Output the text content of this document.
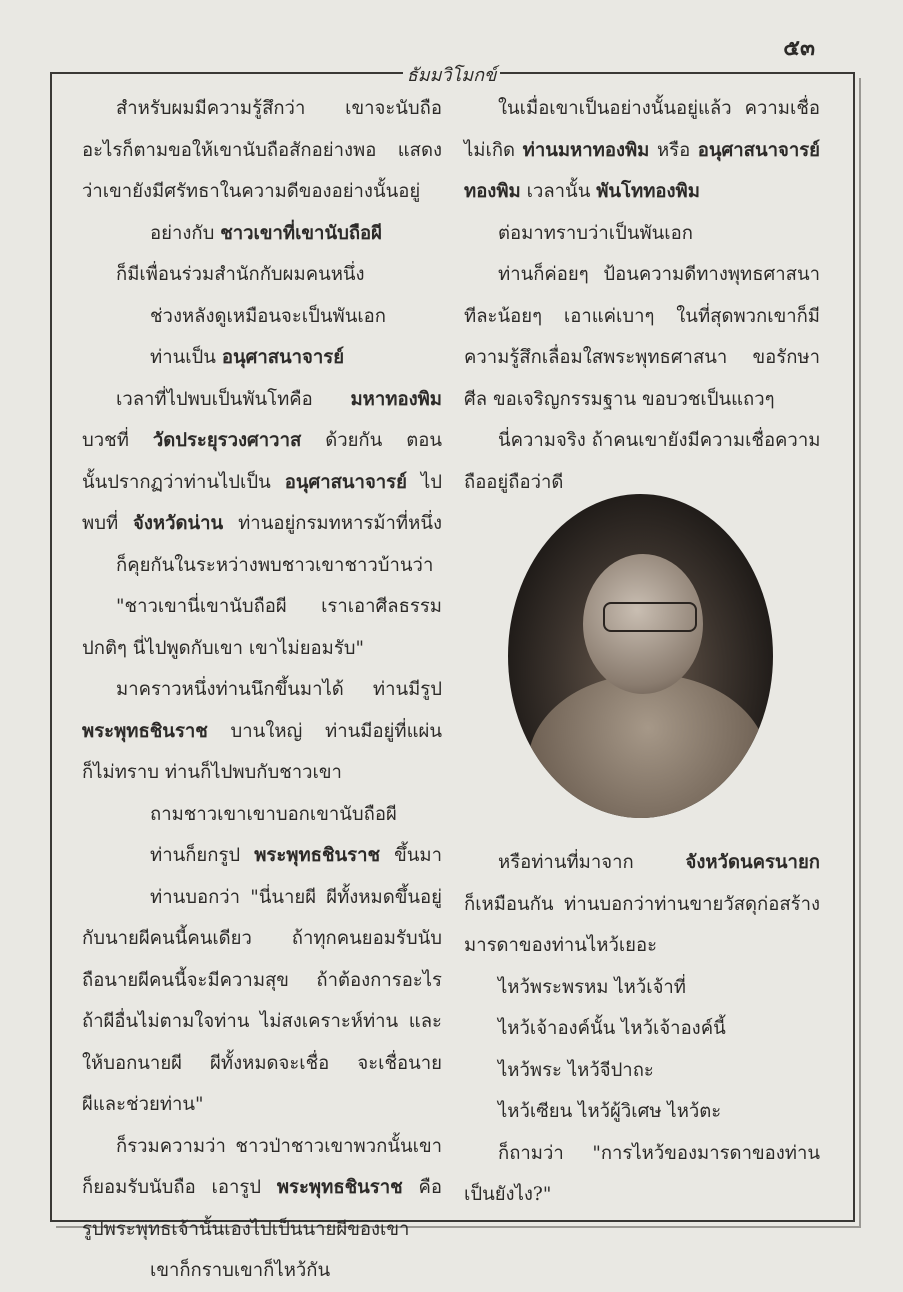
๕๓
ธัมมวิโมกข์
สำหรับผมมีความรู้สึกว่า เขาจะนับถือ
อะไรก็ตามขอให้เขานับถือสักอย่างพอ แสดง
ว่าเขายังมีศรัทธาในความดีของอย่างนั้นอยู่
อย่างกับ ชาวเขาที่เขานับถือผี
ก็มีเพื่อนร่วมสำนักกับผมคนหนึ่ง
ช่วงหลังดูเหมือนจะเป็นพันเอก
ท่านเป็น อนุศาสนาจารย์
เวลาที่ไปพบเป็นพันโทคือ มหาทองพิม
บวชที่ วัดประยุรวงศาวาส ด้วยกัน ตอน
นั้นปรากฏว่าท่านไปเป็น อนุศาสนาจารย์ ไป
พบที่ จังหวัดน่าน ท่านอยู่กรมทหารม้าที่หนึ่ง
ก็คุยกันในระหว่างพบชาวเขาชาวบ้านว่า
"ชาวเขานี่เขานับถือผี เราเอาศีลธรรม
ปกติๆ นี่ไปพูดกับเขา เขาไม่ยอมรับ"
มาคราวหนึ่งท่านนึกขึ้นมาได้ ท่านมีรูป
พระพุทธชินราช บานใหญ่ ท่านมีอยู่ที่แผ่น
ก็ไม่ทราบ ท่านก็ไปพบกับชาวเขา
ถามชาวเขาเขาบอกเขานับถือผี
ท่านก็ยกรูป พระพุทธชินราช ขึ้นมา
ท่านบอกว่า "นี่นายผี ผีทั้งหมดขึ้นอยู่
กับนายผีคนนี้คนเดียว ถ้าทุกคนยอมรับนับ
ถือนายผีคนนี้จะมีความสุข ถ้าต้องการอะไร
ถ้าผีอื่นไม่ตามใจท่าน ไม่สงเคราะห์ท่าน และ
ให้บอกนายผี ผีทั้งหมดจะเชื่อ จะเชื่อนาย
ผีและช่วยท่าน"
ก็รวมความว่า ชาวป่าชาวเขาพวกนั้นเขา
ก็ยอมรับนับถือ เอารูป พระพุทธชินราช คือ
รูปพระพุทธเจ้านั้นเองไปเป็นนายผีของเขา
เขาก็กราบเขาก็ไหว้กัน
ในเมื่อเขาเป็นอย่างนั้นอยู่แล้ว ความเชื่อ
ไม่เกิด ท่านมหาทองพิม หรือ อนุศาสนาจารย์
ทองพิม เวลานั้น พันโททองพิม
ต่อมาทราบว่าเป็นพันเอก
ท่านก็ค่อยๆ ป้อนความดีทางพุทธศาสนา
ทีละน้อยๆ เอาแค่เบาๆ ในที่สุดพวกเขาก็มี
ความรู้สึกเลื่อมใสพระพุทธศาสนา ขอรักษา
ศีล ขอเจริญกรรมฐาน ขอบวชเป็นแถวๆ
นี่ความจริง ถ้าคนเขายังมีความเชื่อความ
ถืออยู่ถือว่าดี
หรือท่านที่มาจาก จังหวัดนครนายก
ก็เหมือนกัน ท่านบอกว่าท่านขายวัสดุก่อสร้าง
มารดาของท่านไหว้เยอะ
ไหว้พระพรหม ไหว้เจ้าที่
ไหว้เจ้าองค์นั้น ไหว้เจ้าองค์นี้
ไหว้พระ ไหว้จีปาถะ
ไหว้เซียน ไหว้ผู้วิเศษ ไหว้ตะ
ก็ถามว่า "การไหว้ของมารดาของท่าน
เป็นยังไง?"
